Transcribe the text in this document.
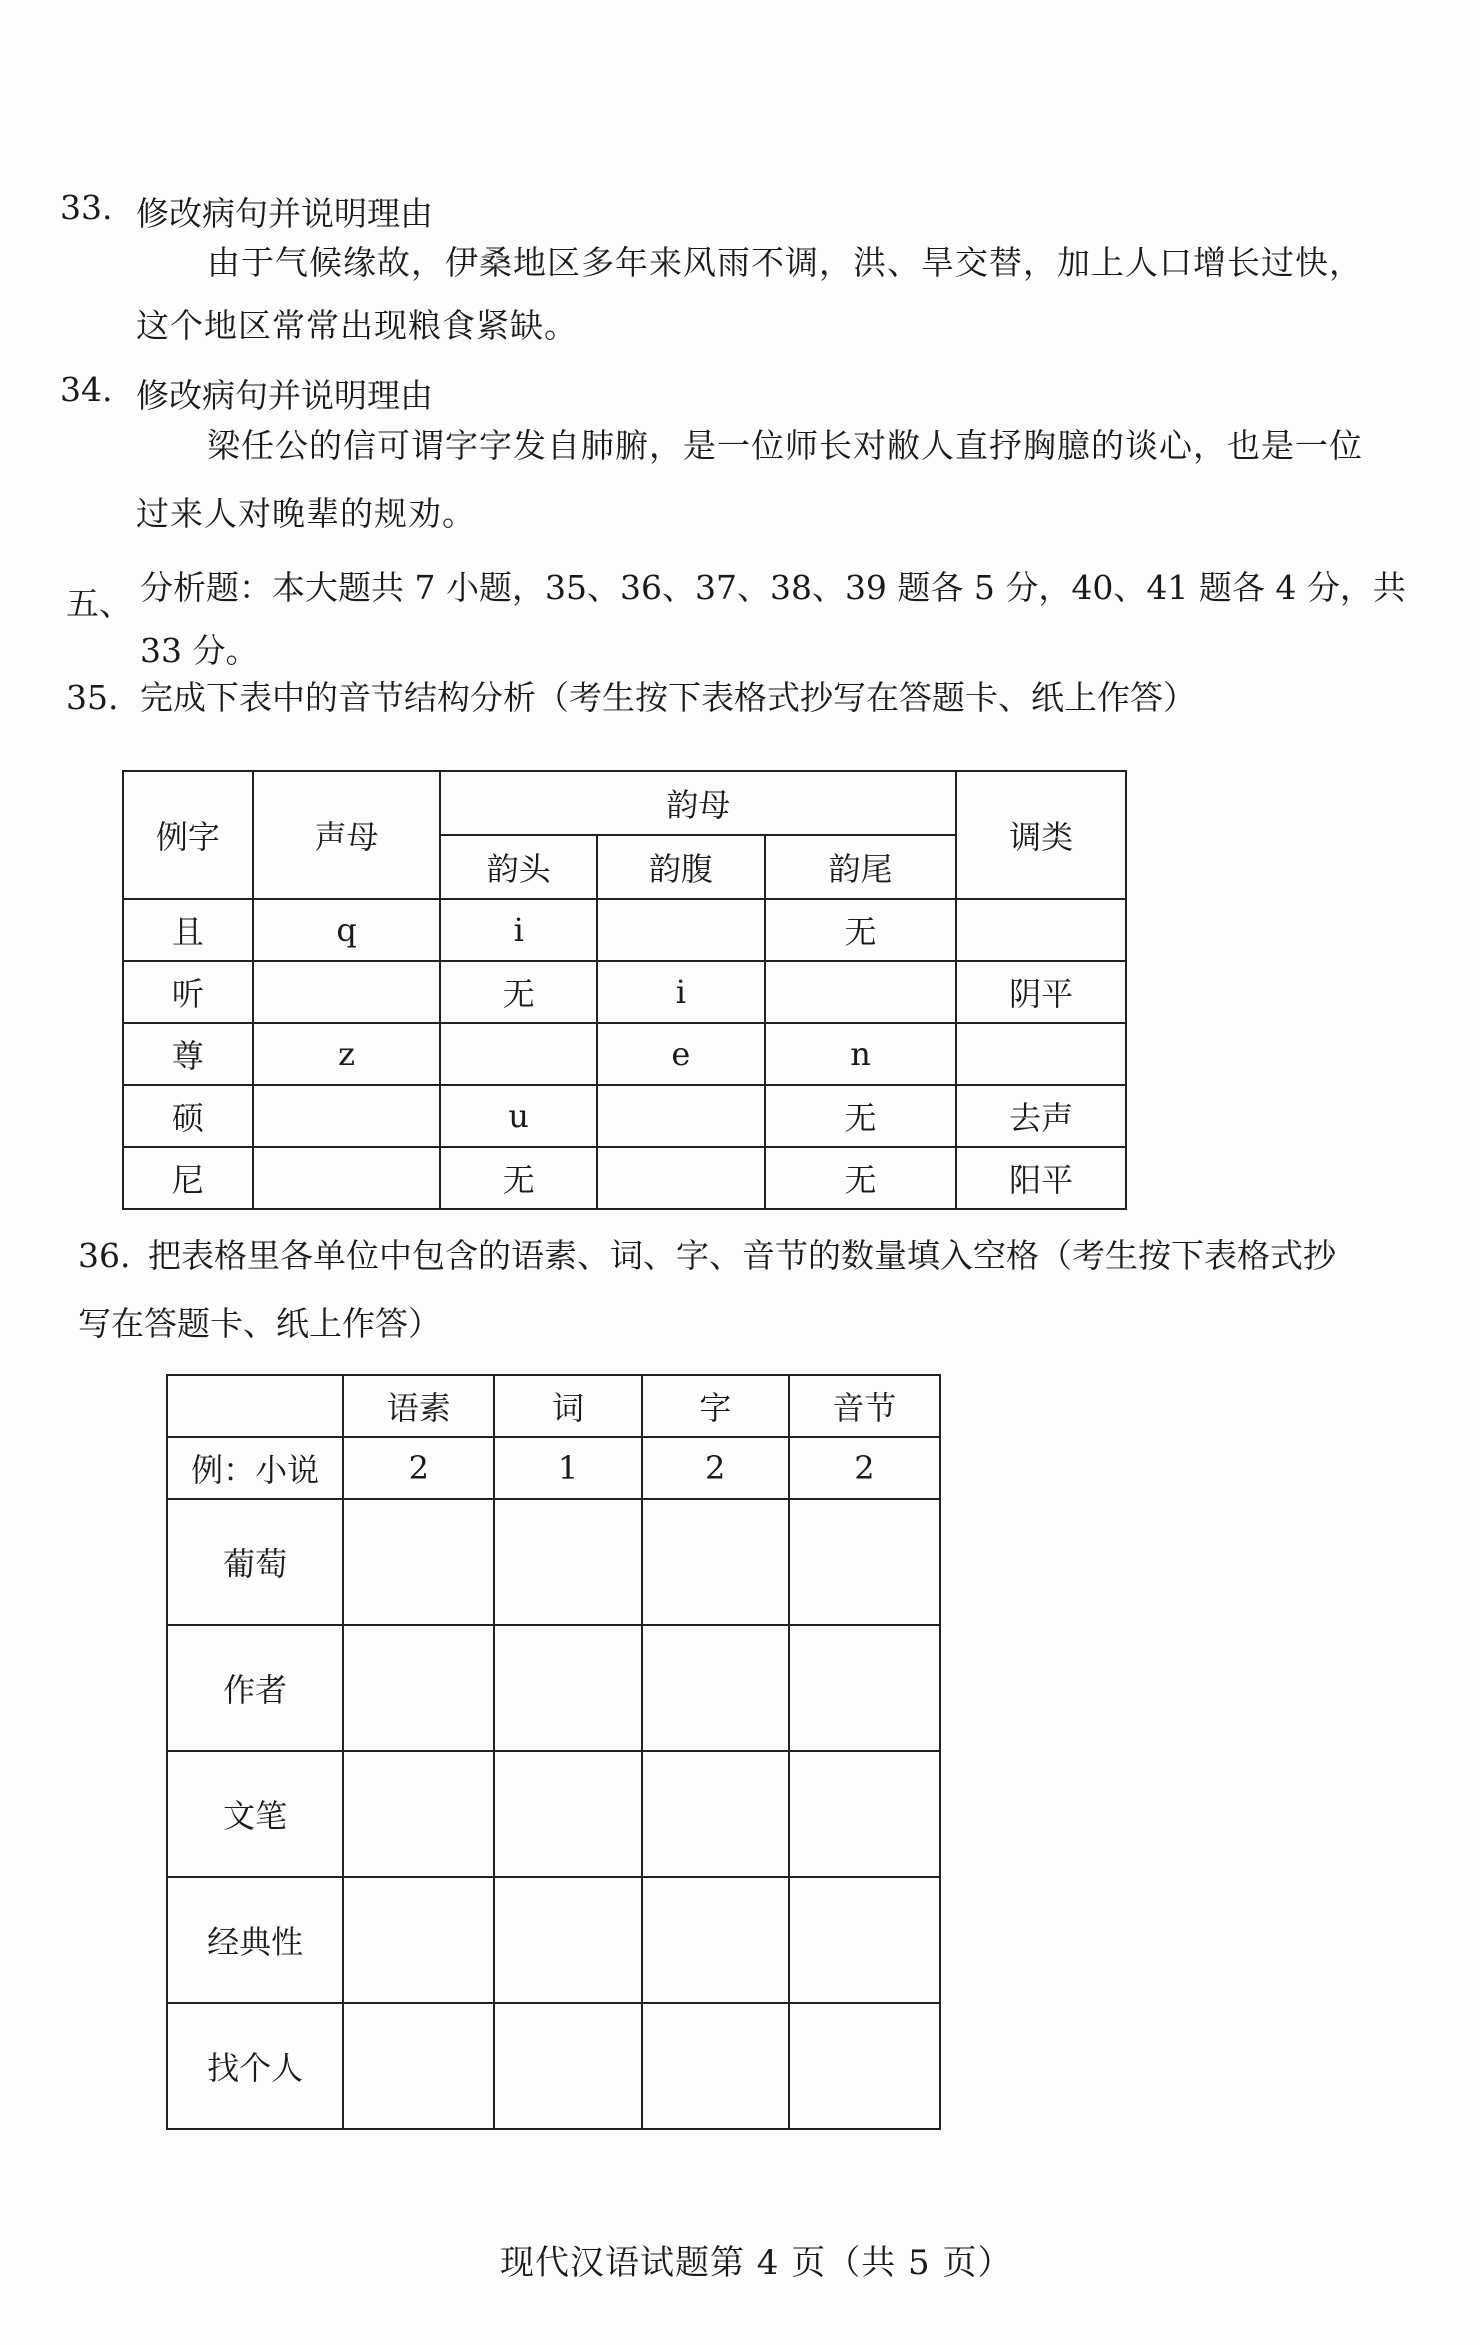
33. 修改病句并说明理由
由于气候缘故，伊桑地区多年来风雨不调，洪、旱交替，加上人口增长过快，
这个地区常常出现粮食紧缺。
34. 修改病句并说明理由
梁任公的信可谓字字发自肺腑，是一位师长对敝人直抒胸臆的谈心，也是一位
过来人对晚辈的规劝。
五、 分析题：本大题共 7 小题，35、36、37、38、39 题各 5 分，40、41 题各 4 分，共
33 分。
35. 完成下表中的音节结构分析（考生按下表格式抄写在答题卡、纸上作答）
例字	声母	韵母			调类
		韵头	韵腹	韵尾	
且	q	i		无	
听		无	i		阴平
尊	z		e	n	
硕		u		无	去声
尼		无		无	阳平
36. 把表格里各单位中包含的语素、词、字、音节的数量填入空格（考生按下表格式抄
写在答题卡、纸上作答）
	语素	词	字	音节
例：小说	2	1	2	2
葡萄				
作者				
文笔				
经典性				
找个人				
现代汉语试题第 4 页（共 5 页）
